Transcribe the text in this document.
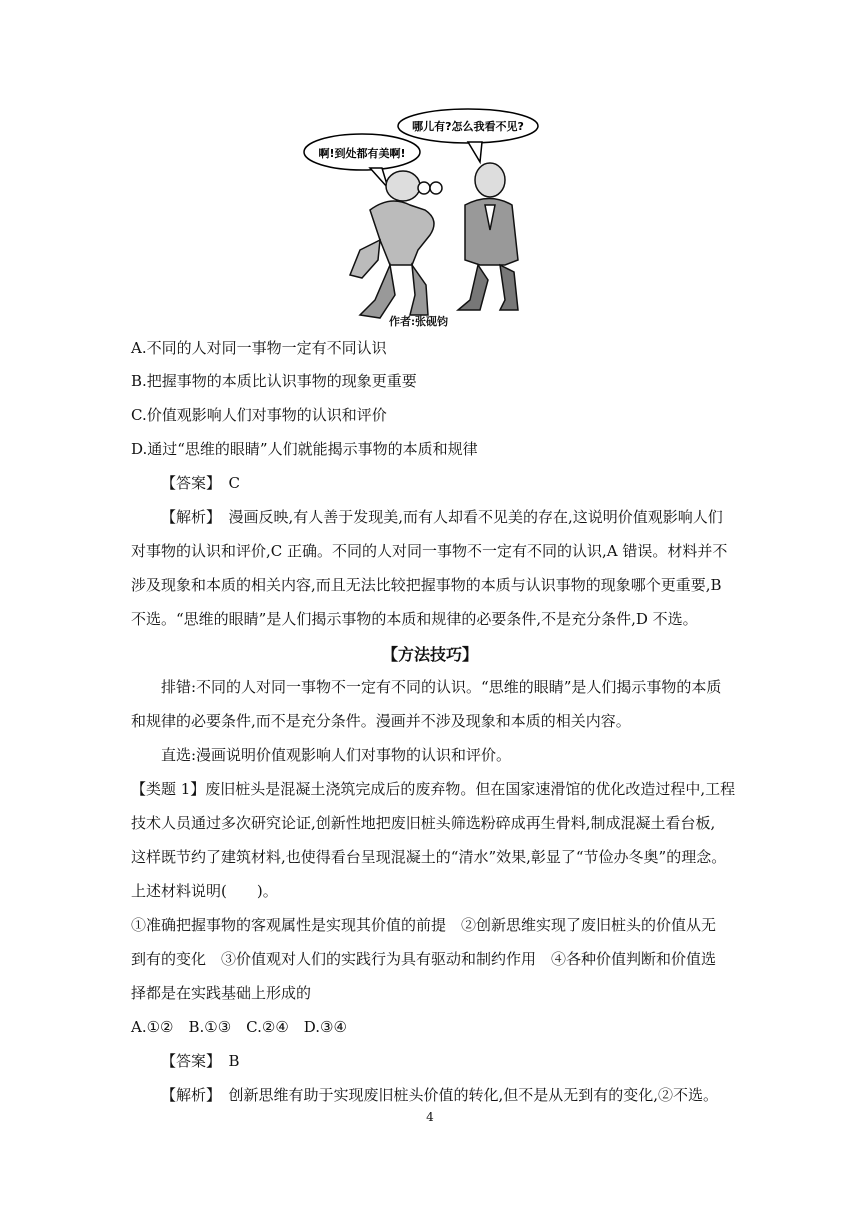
啊!到处都有美啊!
哪儿有?怎么我看不见?
作者:张砚钧
A.不同的人对同一事物一定有不同认识
B.把握事物的本质比认识事物的现象更重要
C.价值观影响人们对事物的认识和评价
D.通过“思维的眼睛”人们就能揭示事物的本质和规律
【答案】　C
【解析】　漫画反映,有人善于发现美,而有人却看不见美的存在,这说明价值观影响人们
对事物的认识和评价,C 正确。不同的人对同一事物不一定有不同的认识,A 错误。材料并不
涉及现象和本质的相关内容,而且无法比较把握事物的本质与认识事物的现象哪个更重要,B
不选。“思维的眼睛”是人们揭示事物的本质和规律的必要条件,不是充分条件,D 不选。
【方法技巧】
排错:不同的人对同一事物不一定有不同的认识。“思维的眼睛”是人们揭示事物的本质
和规律的必要条件,而不是充分条件。漫画并不涉及现象和本质的相关内容。
直选:漫画说明价值观影响人们对事物的认识和评价。
【类题 1】废旧桩头是混凝土浇筑完成后的废弃物。但在国家速滑馆的优化改造过程中,工程
技术人员通过多次研究论证,创新性地把废旧桩头筛选粉碎成再生骨料,制成混凝土看台板,
这样既节约了建筑材料,也使得看台呈现混凝土的“清水”效果,彰显了“节俭办冬奥”的理念。
上述材料说明(　　)。
①准确把握事物的客观属性是实现其价值的前提　②创新思维实现了废旧桩头的价值从无
到有的变化　③价值观对人们的实践行为具有驱动和制约作用　④各种价值判断和价值选
择都是在实践基础上形成的
A.①②　B.①③　C.②④　D.③④
【答案】　B
【解析】　创新思维有助于实现废旧桩头价值的转化,但不是从无到有的变化,②不选。
4
